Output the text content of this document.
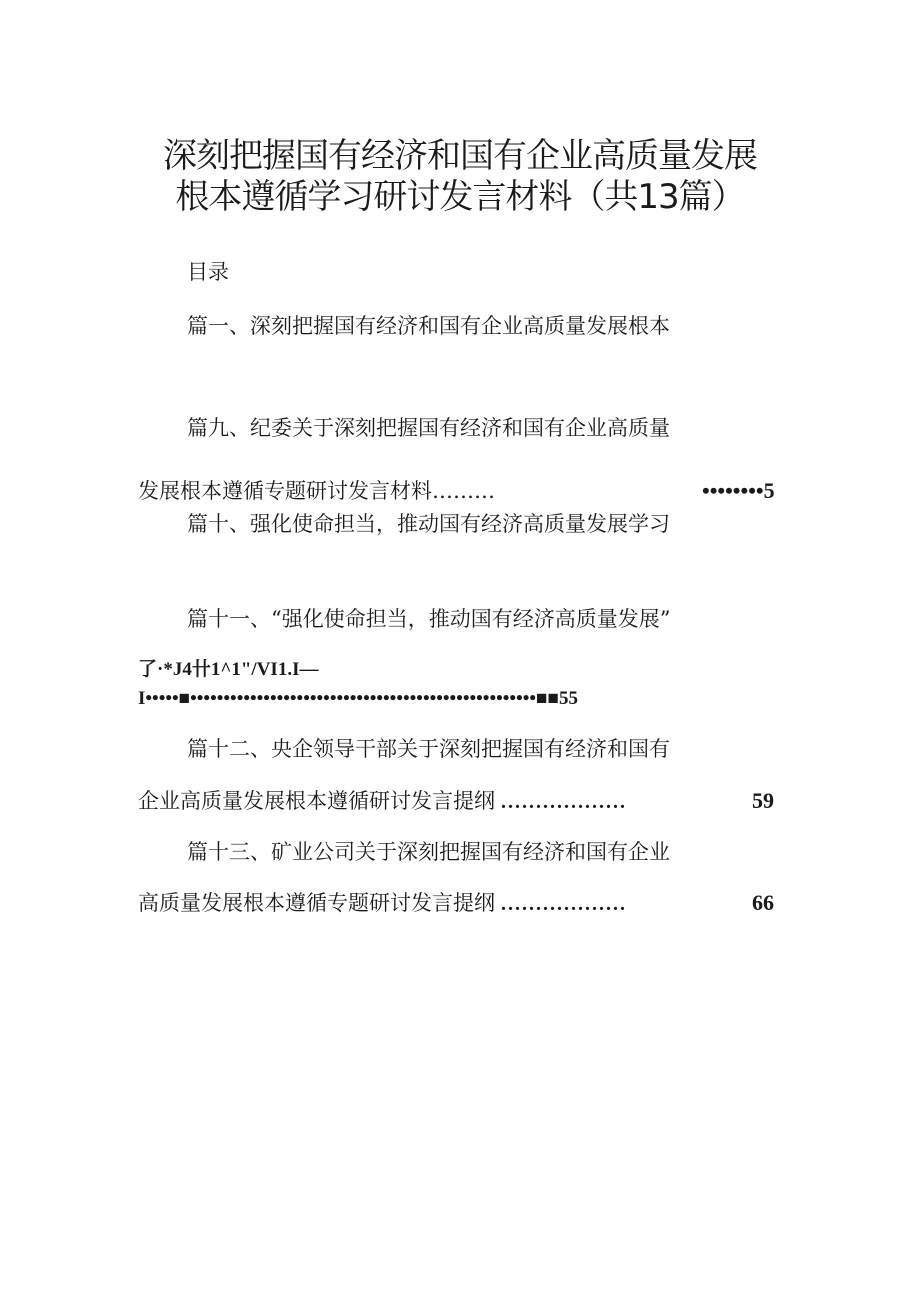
深刻把握国有经济和国有企业高质量发展
根本遵循学习研讨发言材料（共13篇）
目录
篇一、深刻把握国有经济和国有企业高质量发展根本
篇九、纪委关于深刻把握国有经济和国有企业高质量
发展根本遵循专题研讨发言材料………	••••••••5
篇十、强化使命担当，推动国有经济高质量发展学习
篇十一、“强化使命担当，推动国有经济高质量发展”
了·*J4卄1^1"/VI1.I—
I•••••■••••••••••••••••••••••••••••••••••••••••••••••••••••■■55
篇十二、央企领导干部关于深刻把握国有经济和国有
企业高质量发展根本遵循研讨发言提纲 ..................	59
篇十三、矿业公司关于深刻把握国有经济和国有企业
高质量发展根本遵循专题研讨发言提纲 ..................	66
